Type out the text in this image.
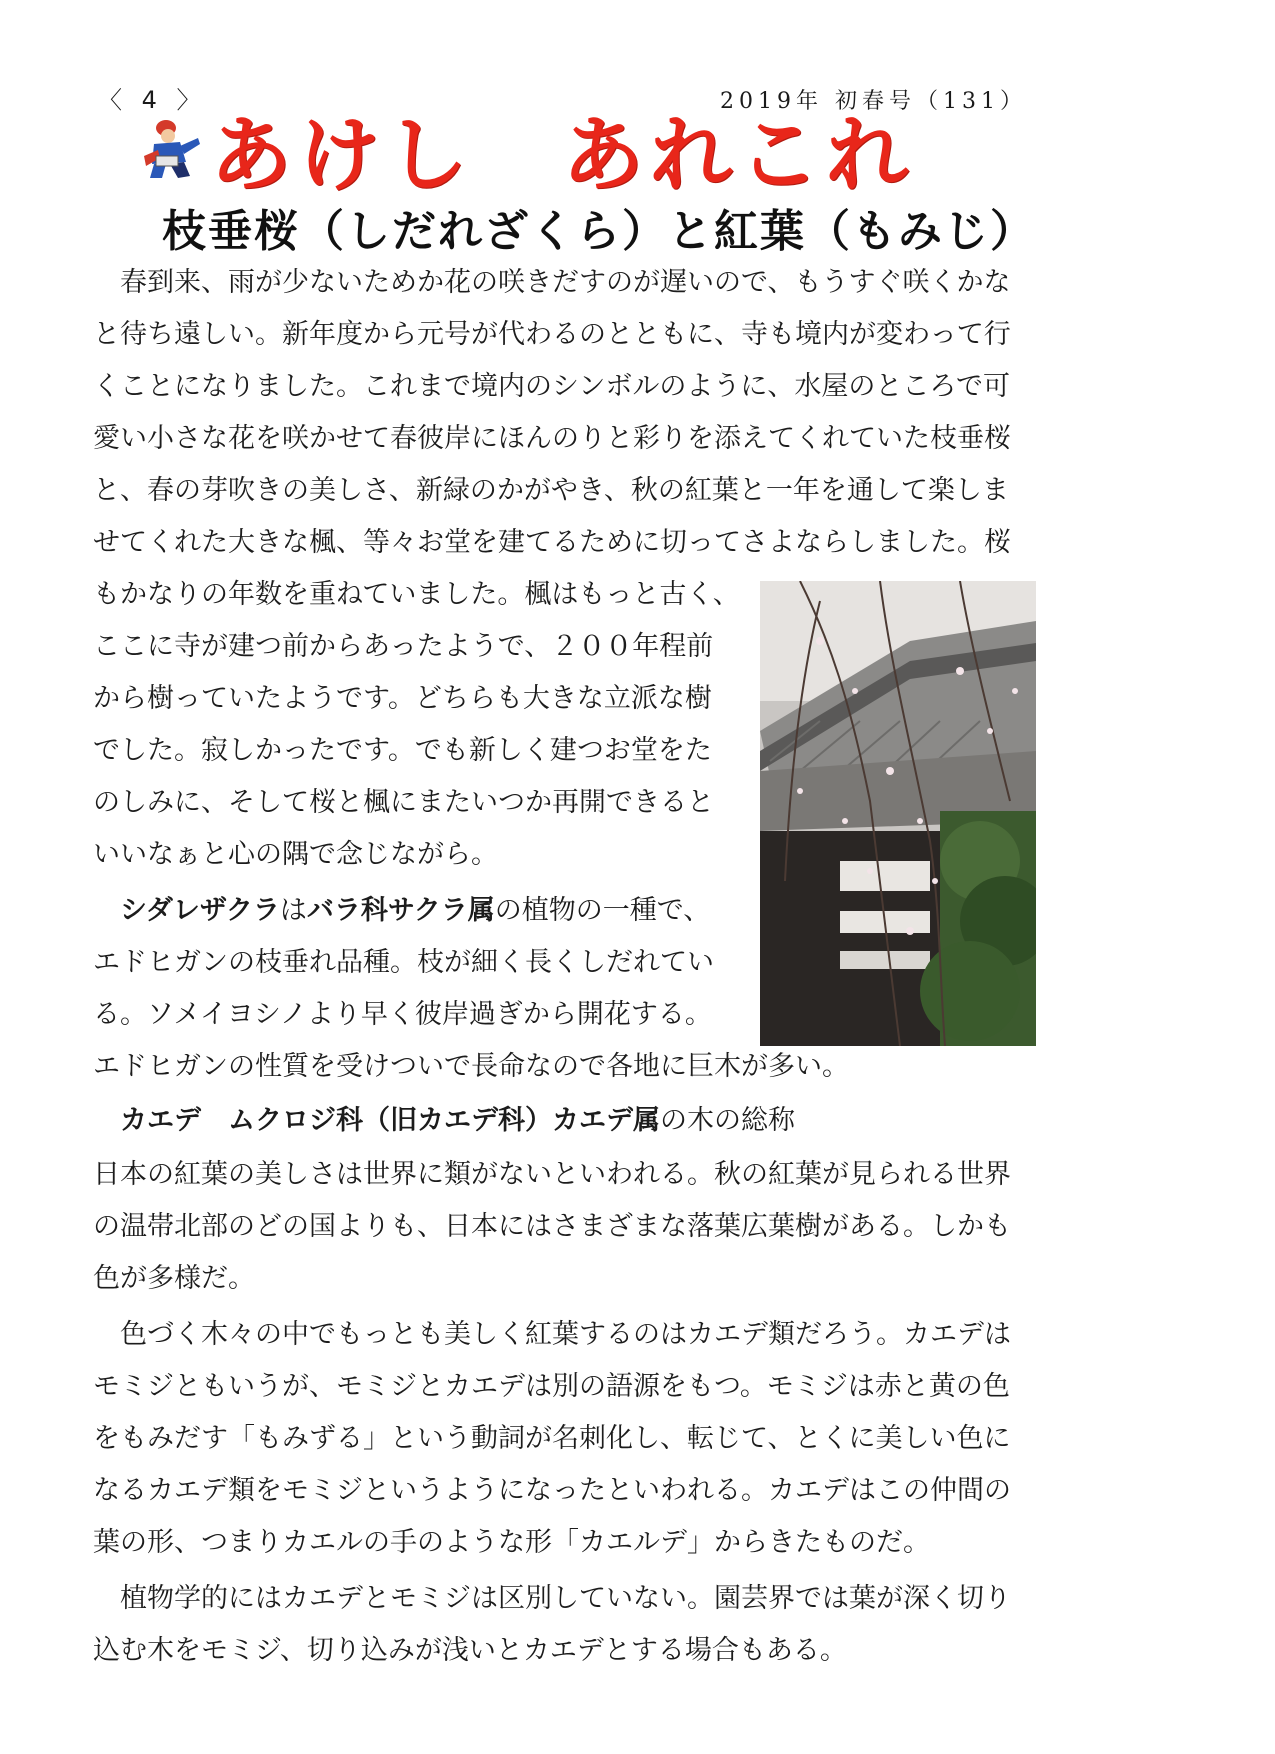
〈 4 〉	2019年 初春号（131）
あけし　あれこれ
枝垂桜（しだれざくら）と紅葉（もみじ）
春到来、雨が少ないためか花の咲きだすのが遅いので、もうすぐ咲くかな
と待ち遠しい。新年度から元号が代わるのとともに、寺も境内が変わって行
くことになりました。これまで境内のシンボルのように、水屋のところで可
愛い小さな花を咲かせて春彼岸にほんのりと彩りを添えてくれていた枝垂桜
と、春の芽吹きの美しさ、新緑のかがやき、秋の紅葉と一年を通して楽しま
せてくれた大きな楓、等々お堂を建てるために切ってさよならしました。桜
もかなりの年数を重ねていました。楓はもっと古く、
ここに寺が建つ前からあったようで、２００年程前
から樹っていたようです。どちらも大きな立派な樹
でした。寂しかったです。でも新しく建つお堂をた
のしみに、そして桜と楓にまたいつか再開できると
いいなぁと心の隅で念じながら。
シダレザクラはバラ科サクラ属の植物の一種で、
エドヒガンの枝垂れ品種。枝が細く長くしだれてい
る。ソメイヨシノより早く彼岸過ぎから開花する。
エドヒガンの性質を受けついで長命なので各地に巨木が多い。
カエデ　ムクロジ科（旧カエデ科）カエデ属の木の総称
日本の紅葉の美しさは世界に類がないといわれる。秋の紅葉が見られる世界
の温帯北部のどの国よりも、日本にはさまざまな落葉広葉樹がある。しかも
色が多様だ。
色づく木々の中でもっとも美しく紅葉するのはカエデ類だろう。カエデは
モミジともいうが、モミジとカエデは別の語源をもつ。モミジは赤と黄の色
をもみだす「もみずる」という動詞が名刺化し、転じて、とくに美しい色に
なるカエデ類をモミジというようになったといわれる。カエデはこの仲間の
葉の形、つまりカエルの手のような形「カエルデ」からきたものだ。
植物学的にはカエデとモミジは区別していない。園芸界では葉が深く切り
込む木をモミジ、切り込みが浅いとカエデとする場合もある。
